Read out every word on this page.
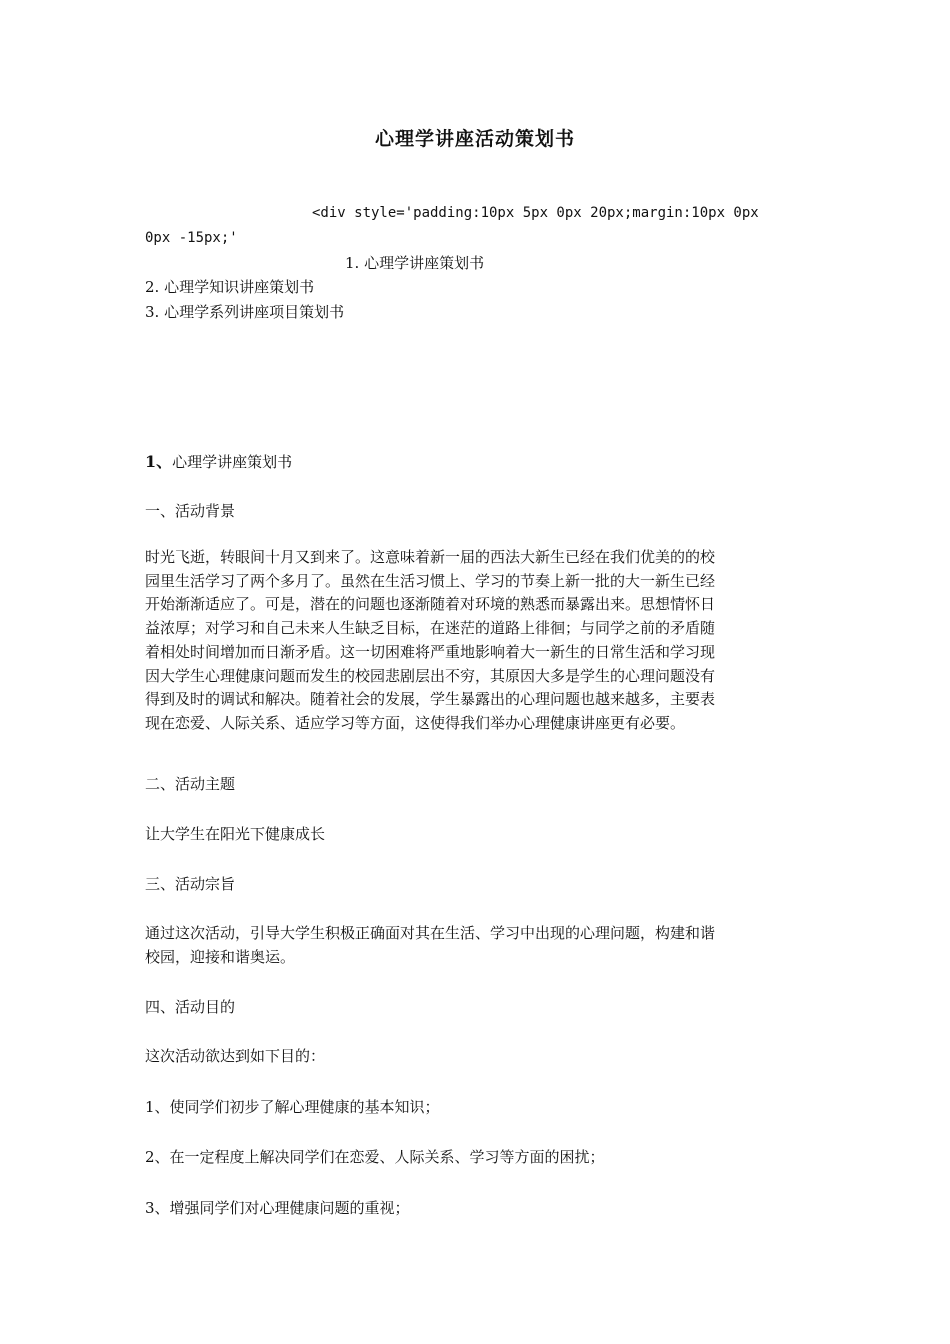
心理学讲座活动策划书
<div style='padding:10px 5px 0px 20px;margin:10px 0px
0px -15px;'
1. 心理学讲座策划书
2. 心理学知识讲座策划书
3. 心理学系列讲座项目策划书
1、心理学讲座策划书
一、活动背景
时光飞逝，转眼间十月又到来了。这意味着新一届的西法大新生已经在我们优美的的校
园里生活学习了两个多月了。虽然在生活习惯上、学习的节奏上新一批的大一新生已经
开始渐渐适应了。可是，潜在的问题也逐渐随着对环境的熟悉而暴露出来。思想情怀日
益浓厚；对学习和自己未来人生缺乏目标，在迷茫的道路上徘徊；与同学之前的矛盾随
着相处时间增加而日渐矛盾。这一切困难将严重地影响着大一新生的日常生活和学习现
因大学生心理健康问题而发生的校园悲剧层出不穷，其原因大多是学生的心理问题没有
得到及时的调试和解决。随着社会的发展，学生暴露出的心理问题也越来越多，主要表
现在恋爱、人际关系、适应学习等方面，这使得我们举办心理健康讲座更有必要。
二、活动主题
让大学生在阳光下健康成长
三、活动宗旨
通过这次活动，引导大学生积极正确面对其在生活、学习中出现的心理问题，构建和谐
校园，迎接和谐奥运。
四、活动目的
这次活动欲达到如下目的：
1、使同学们初步了解心理健康的基本知识；
2、在一定程度上解决同学们在恋爱、人际关系、学习等方面的困扰；
3、增强同学们对心理健康问题的重视；
